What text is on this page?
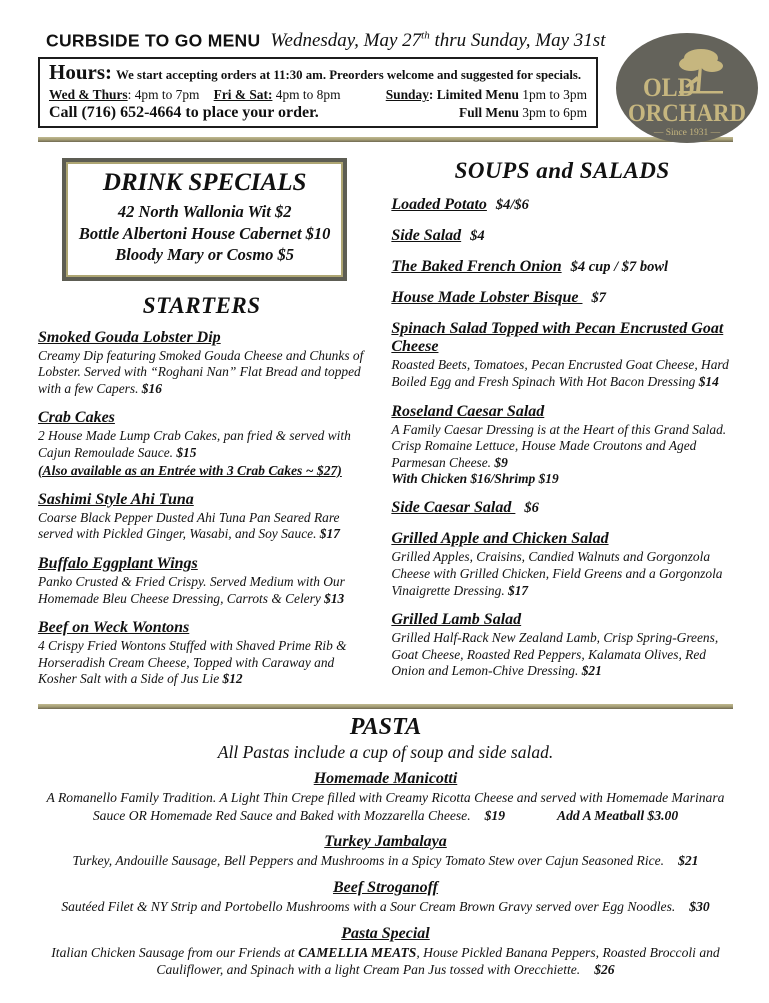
CURBSIDE TO GO MENU Wednesday, May 27th thru Sunday, May 31st
Hours: We start accepting orders at 11:30 am. Preorders welcome and suggested for specials.
Wed & Thurs: 4pm to 7pm	Fri & Sat: 4pm to 8pm	Sunday: Limited Menu 1pm to 3pm
Call (716) 652-4664 to place your order.	Full Menu 3pm to 6pm
OLD
ORCHARD
— Since 1931 —
DRINK SPECIALS
42 North Wallonia Wit $2
Bottle Albertoni House Cabernet $10
Bloody Mary or Cosmo $5
STARTERS
Smoked Gouda Lobster Dip
Creamy Dip featuring Smoked Gouda Cheese and Chunks of Lobster. Served with “Roghani Nan” Flat Bread and topped with a few Capers. $16
Crab Cakes
2 House Made Lump Crab Cakes, pan fried & served with Cajun Remoulade Sauce. $15
(Also available as an Entrée with 3 Crab Cakes ~ $27)
Sashimi Style Ahi Tuna
Coarse Black Pepper Dusted Ahi Tuna Pan Seared Rare served with Pickled Ginger, Wasabi, and Soy Sauce. $17
Buffalo Eggplant Wings
Panko Crusted & Fried Crispy. Served Medium with Our Homemade Bleu Cheese Dressing, Carrots & Celery $13
Beef on Weck Wontons
4 Crispy Fried Wontons Stuffed with Shaved Prime Rib & Horseradish Cream Cheese, Topped with Caraway and Kosher Salt with a Side of Jus Lie $12
SOUPS and SALADS
Loaded Potato $4/$6
Side Salad $4
The Baked French Onion $4 cup / $7 bowl
House Made Lobster Bisque $7
Spinach Salad Topped with Pecan Encrusted Goat Cheese
Roasted Beets, Tomatoes, Pecan Encrusted Goat Cheese, Hard Boiled Egg and Fresh Spinach With Hot Bacon Dressing $14
Roseland Caesar Salad
A Family Caesar Dressing is at the Heart of this Grand Salad. Crisp Romaine Lettuce, House Made Croutons and Aged Parmesan Cheese. $9
With Chicken $16/Shrimp $19
Side Caesar Salad $6
Grilled Apple and Chicken Salad
Grilled Apples, Craisins, Candied Walnuts and Gorgonzola Cheese with Grilled Chicken, Field Greens and a Gorgonzola Vinaigrette Dressing. $17
Grilled Lamb Salad
Grilled Half-Rack New Zealand Lamb, Crisp Spring-Greens, Goat Cheese, Roasted Red Peppers, Kalamata Olives, Red Onion and Lemon-Chive Dressing. $21
PASTA
All Pastas include a cup of soup and side salad.
Homemade Manicotti
A Romanello Family Tradition. A Light Thin Crepe filled with Creamy Ricotta Cheese and served with Homemade Marinara Sauce OR Homemade Red Sauce and Baked with Mozzarella Cheese. $19	Add A Meatball $3.00
Turkey Jambalaya
Turkey, Andouille Sausage, Bell Peppers and Mushrooms in a Spicy Tomato Stew over Cajun Seasoned Rice. $21
Beef Stroganoff
Sautéed Filet & NY Strip and Portobello Mushrooms with a Sour Cream Brown Gravy served over Egg Noodles. $30
Pasta Special
Italian Chicken Sausage from our Friends at CAMELLIA MEATS, House Pickled Banana Peppers, Roasted Broccoli and Cauliflower, and Spinach with a light Cream Pan Jus tossed with Orecchiette. $26
